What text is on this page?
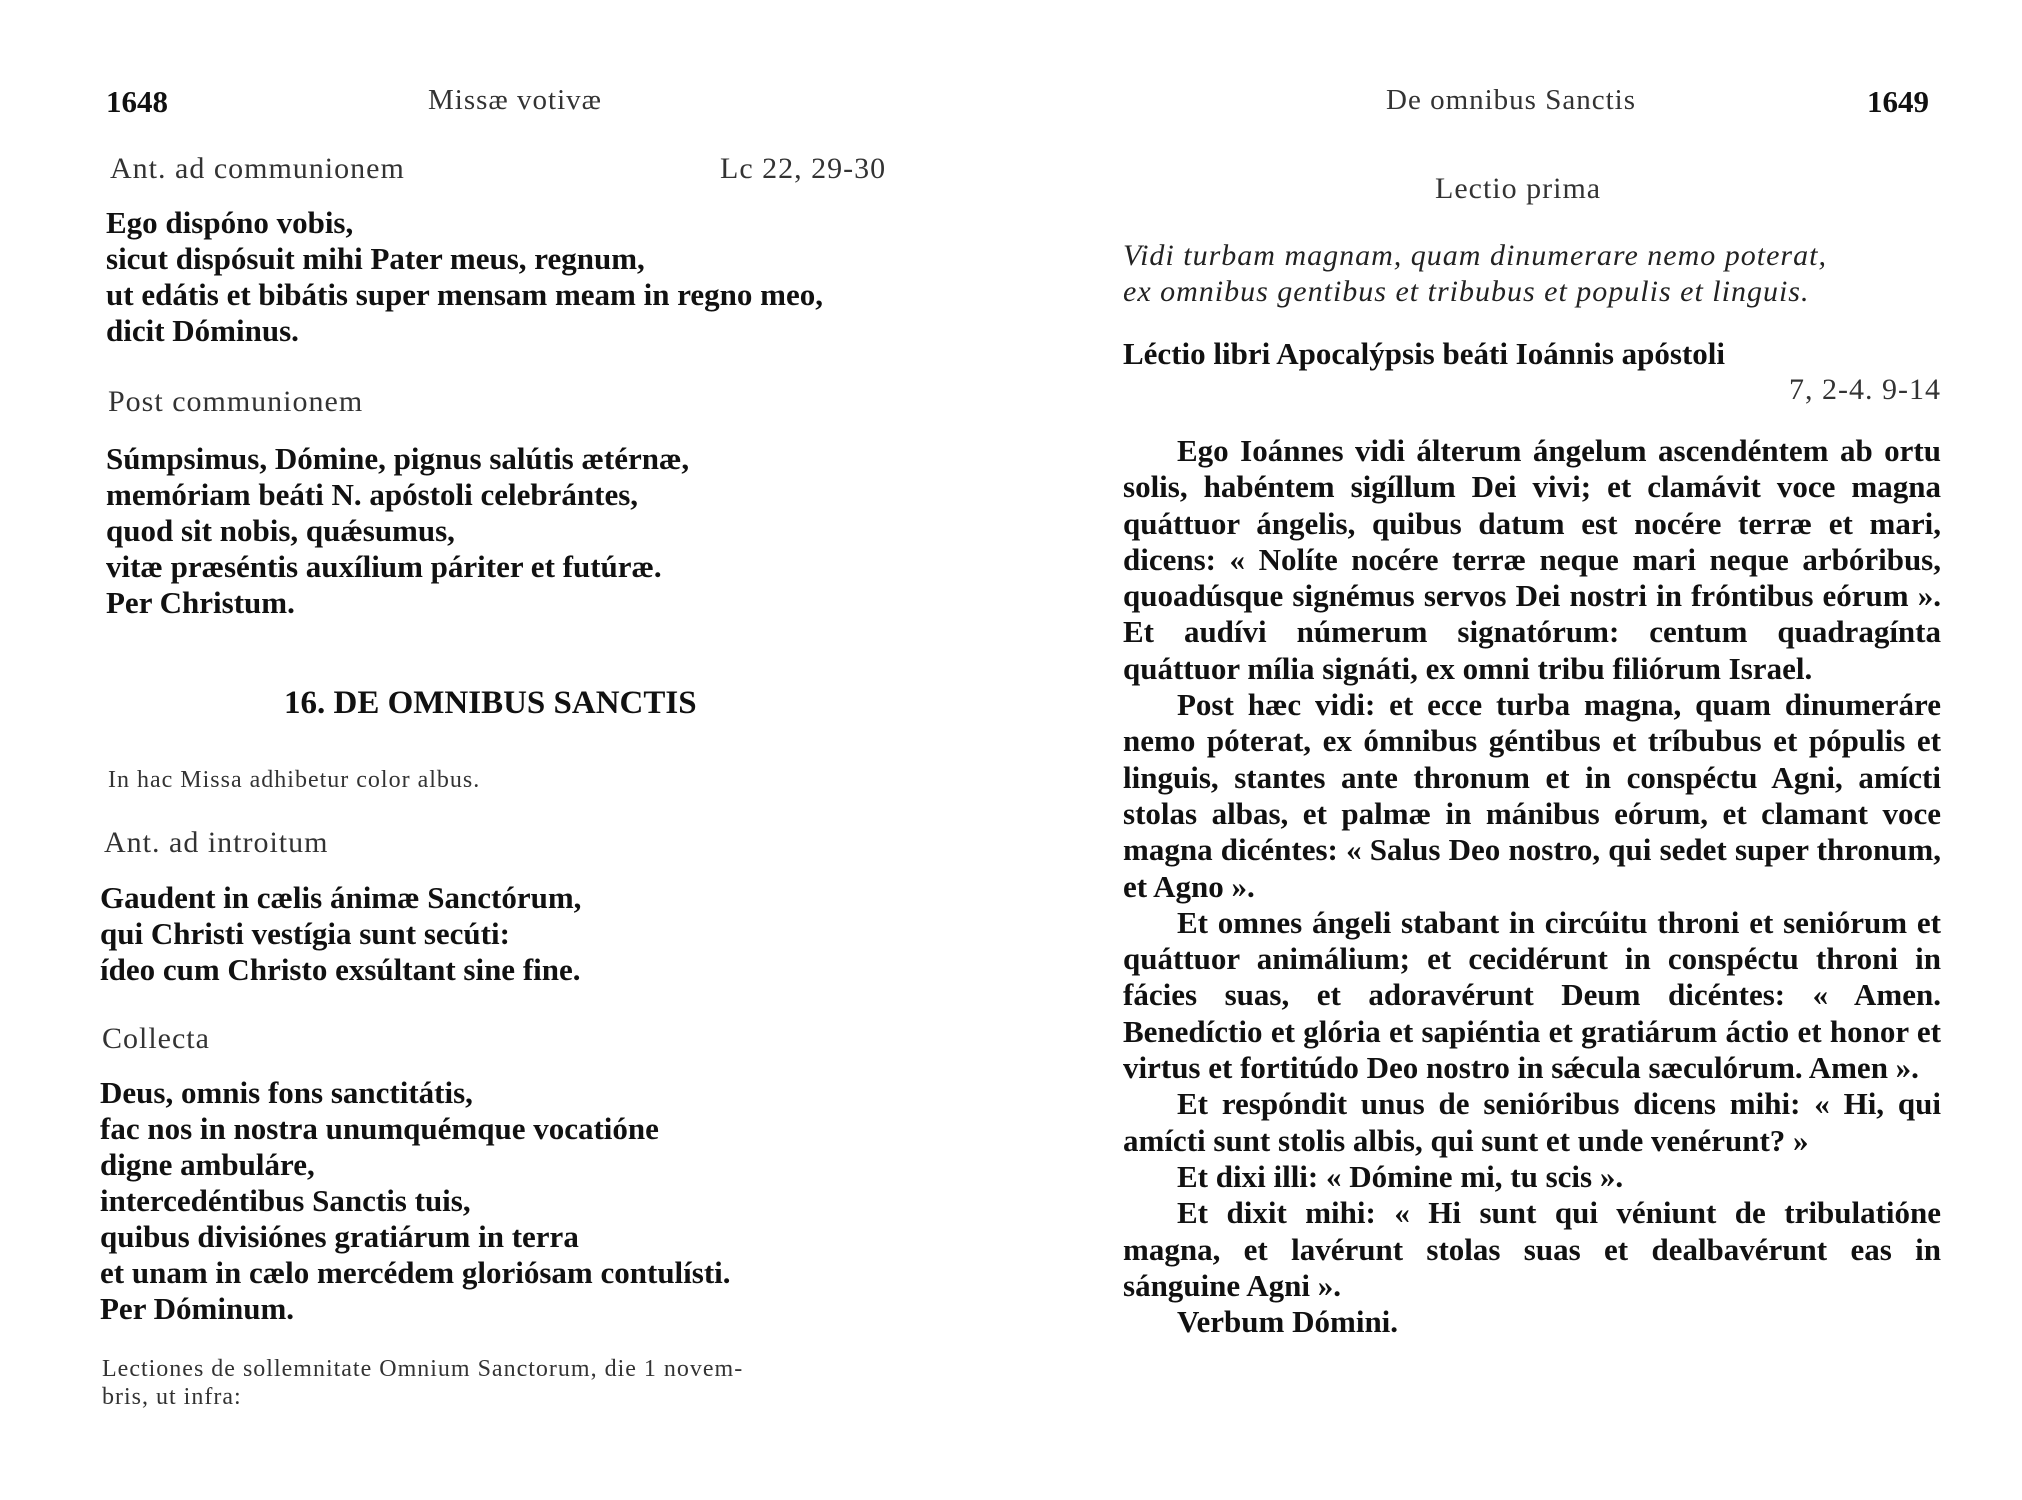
1648	Missæ votivæ
Ant. ad communionem	Lc 22, 29-30
Ego dispóno vobis,
sicut dispósuit mihi Pater meus, regnum,
ut edátis et bibátis super mensam meam in regno meo,
dicit Dóminus.
Post communionem
Súmpsimus, Dómine, pignus salútis ætérnæ,
memóriam beáti N. apóstoli celebrántes,
quod sit nobis, quǽsumus,
vitæ præséntis auxílium páriter et futúræ.
Per Christum.
16. DE OMNIBUS SANCTIS
In hac Missa adhibetur color albus.
Ant. ad introitum
Gaudent in cælis ánimæ Sanctórum,
qui Christi vestígia sunt secúti:
ídeo cum Christo exsúltant sine fine.
Collecta
Deus, omnis fons sanctitátis,
fac nos in nostra unumquémque vocatióne
digne ambuláre,
intercedéntibus Sanctis tuis,
quibus divisiónes gratiárum in terra
et unam in cælo mercédem gloriósam contulísti.
Per Dóminum.
Lectiones de sollemnitate Omnium Sanctorum, die 1 novem-
bris, ut infra:
De omnibus Sanctis	1649
Lectio prima
Vidi turbam magnam, quam dinumerare nemo poterat,
ex omnibus gentibus et tribubus et populis et linguis.
Léctio libri Apocalýpsis beáti Ioánnis apóstoli
7, 2-4. 9-14

Ego Ioánnes vidi álterum ángelum ascendéntem ab ortu solis, habéntem sigíllum Dei vivi; et clamávit voce magna quáttuor ángelis, quibus datum est nocére terræ et mari, dicens: « Nolíte nocére terræ neque mari neque arbóribus, quoadúsque signémus servos Dei nostri in fróntibus eórum ». Et audívi númerum signatórum: centum quadragínta quáttuor mília signáti, ex omni tribu filiórum Israel.

Post hæc vidi: et ecce turba magna, quam dinumeráre nemo póterat, ex ómnibus géntibus et tríbubus et pópulis et linguis, stantes ante thronum et in conspéctu Agni, amícti stolas albas, et palmæ in mánibus eórum, et clamant voce magna dicéntes: « Salus Deo nostro, qui sedet super thronum, et Agno ».

Et omnes ángeli stabant in circúitu throni et seniórum et quáttuor animálium; et cecidérunt in conspéctu throni in fácies suas, et adoravérunt Deum dicéntes: « Amen. Benedíctio et glória et sapiéntia et gratiárum áctio et honor et virtus et fortitúdo Deo nostro in sǽcula sæculórum. Amen ».

Et respóndit unus de senióribus dicens mihi: « Hi, qui amícti sunt stolis albis, qui sunt et unde venérunt? »

Et dixi illi: « Dómine mi, tu scis ».

Et dixit mihi: « Hi sunt qui véniunt de tribulatióne magna, et lavérunt stolas suas et dealbavérunt eas in sánguine Agni ».

Verbum Dómini.
